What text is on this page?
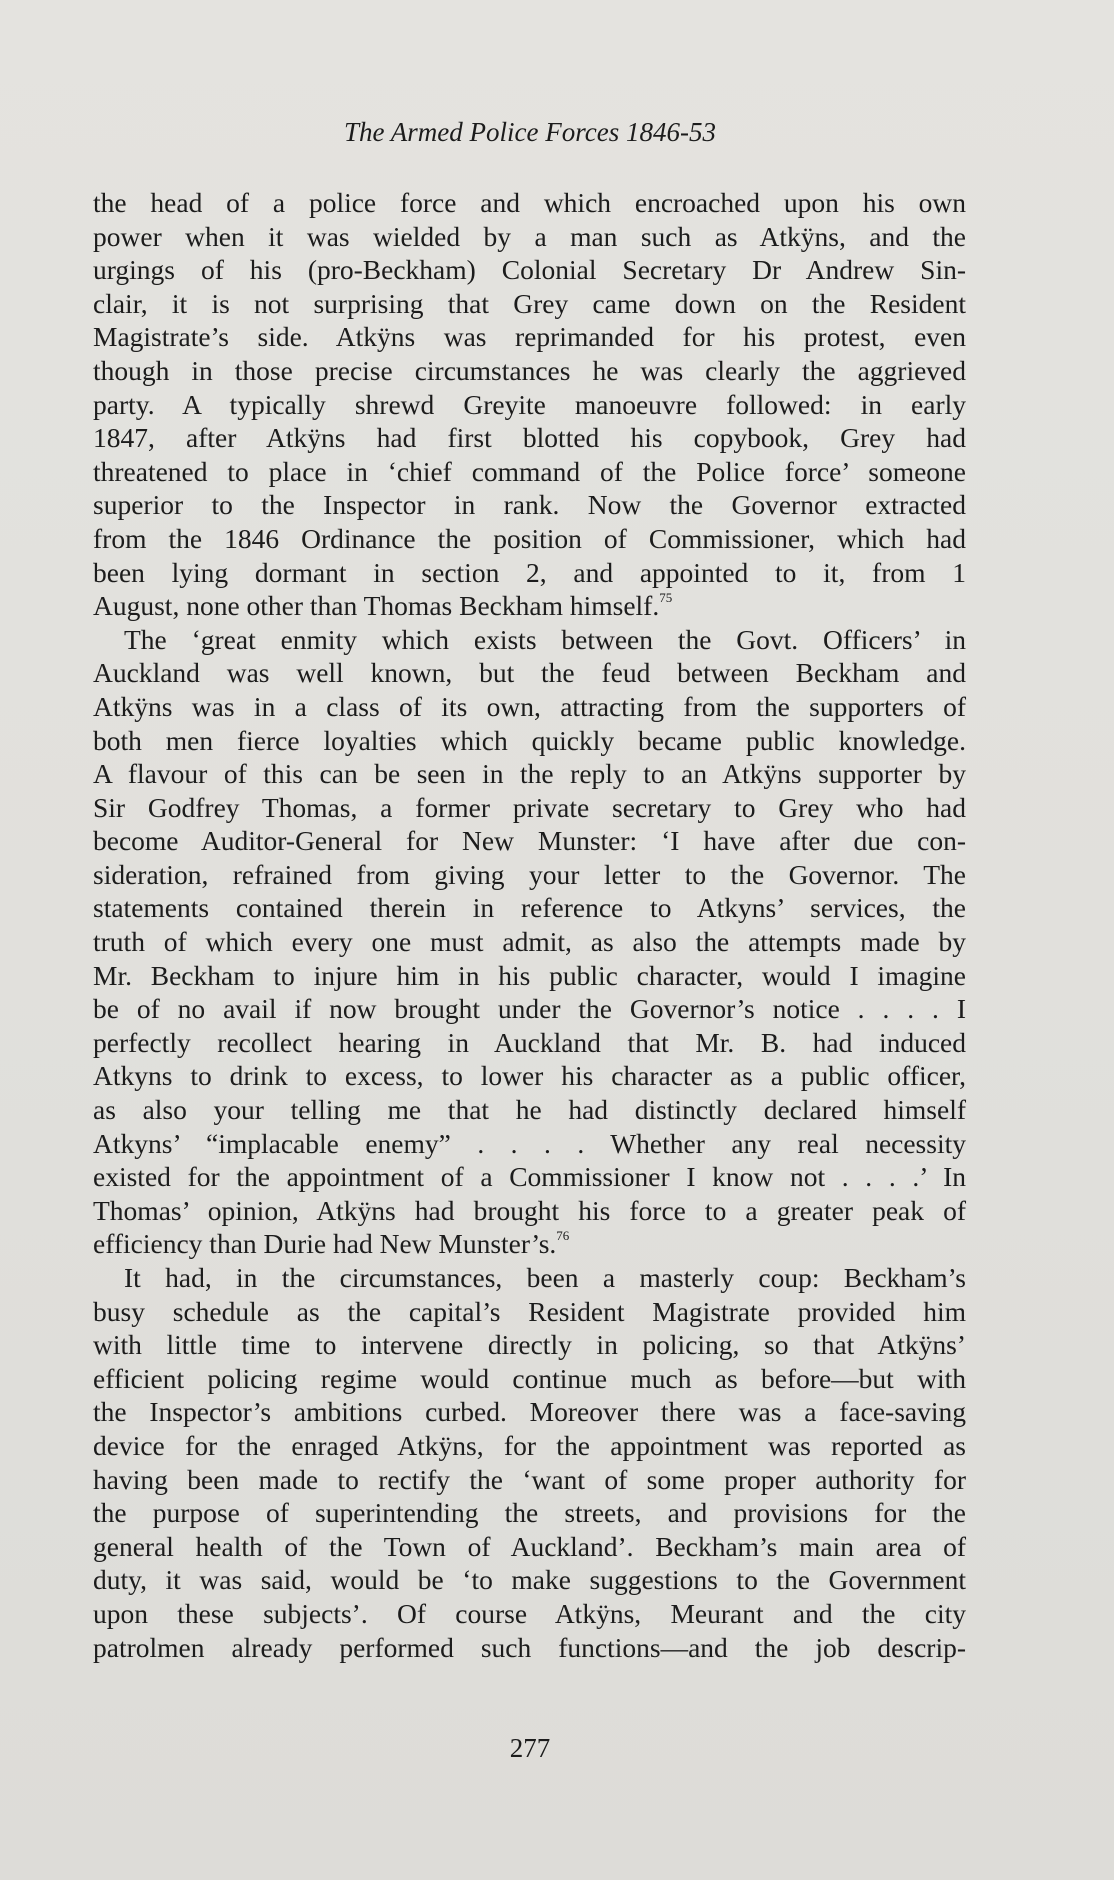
The Armed Police Forces 1846-53

the head of a police force and which encroached upon his own
power when it was wielded by a man such as Atkÿns, and the
urgings of his (pro-Beckham) Colonial Secretary Dr Andrew Sin-
clair, it is not surprising that Grey came down on the Resident
Magistrate’s side. Atkÿns was reprimanded for his protest, even
though in those precise circumstances he was clearly the aggrieved
party. A typically shrewd Greyite manoeuvre followed: in early
1847, after Atkÿns had first blotted his copybook, Grey had
threatened to place in ‘chief command of the Police force’ someone
superior to the Inspector in rank. Now the Governor extracted
from the 1846 Ordinance the position of Commissioner, which had
been lying dormant in section 2, and appointed to it, from 1
August, none other than Thomas Beckham himself.$^{75}$

The ‘great enmity which exists between the Govt. Officers’ in
Auckland was well known, but the feud between Beckham and
Atkÿns was in a class of its own, attracting from the supporters of
both men fierce loyalties which quickly became public knowledge.
A flavour of this can be seen in the reply to an Atkÿns supporter by
Sir Godfrey Thomas, a former private secretary to Grey who had
become Auditor-General for New Munster: ‘I have after due con-
sideration, refrained from giving your letter to the Governor. The
statements contained therein in reference to Atkyns’ services, the
truth of which every one must admit, as also the attempts made by
Mr. Beckham to injure him in his public character, would I imagine
be of no avail if now brought under the Governor’s notice . . . . I
perfectly recollect hearing in Auckland that Mr. B. had induced
Atkyns to drink to excess, to lower his character as a public officer,
as also your telling me that he had distinctly declared himself
Atkyns’ “implacable enemy” . . . . Whether any real necessity
existed for the appointment of a Commissioner I know not . . . .’ In
Thomas’ opinion, Atkÿns had brought his force to a greater peak of
efficiency than Durie had New Munster’s.$^{76}$

It had, in the circumstances, been a masterly coup: Beckham’s
busy schedule as the capital’s Resident Magistrate provided him
with little time to intervene directly in policing, so that Atkÿns’
efficient policing regime would continue much as before—but with
the Inspector’s ambitions curbed. Moreover there was a face-saving
device for the enraged Atkÿns, for the appointment was reported as
having been made to rectify the ‘want of some proper authority for
the purpose of superintending the streets, and provisions for the
general health of the Town of Auckland’. Beckham’s main area of
duty, it was said, would be ‘to make suggestions to the Government
upon these subjects’. Of course Atkÿns, Meurant and the city
patrolmen already performed such functions—and the job descrip-

277
